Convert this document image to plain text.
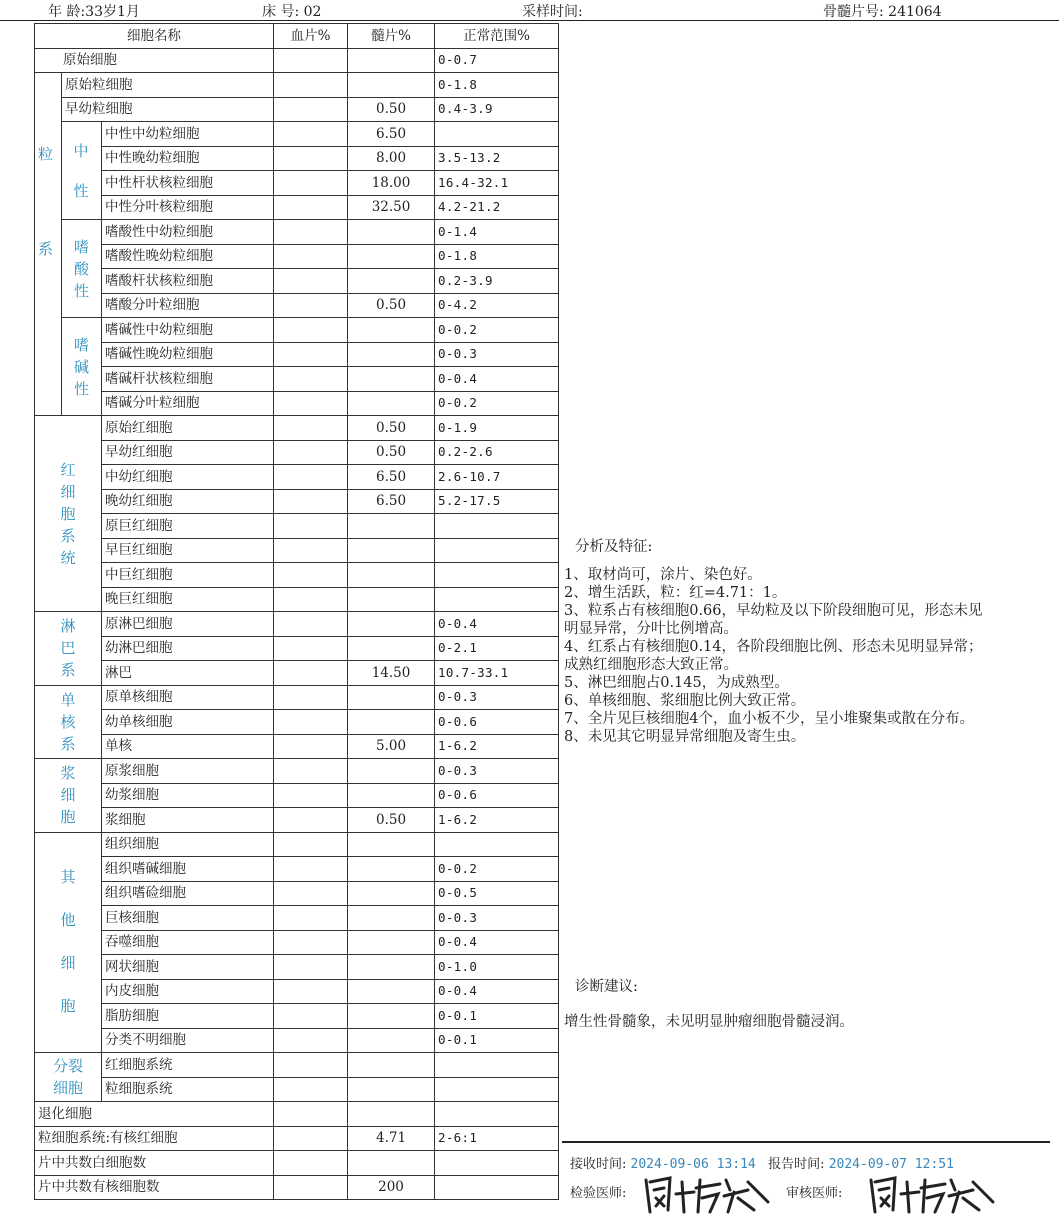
年 龄:33岁1月	床 号: 02	采样时间:	骨髓片号: 241064
细胞名称			血片%	髓片%	正常范围%
原始细胞					0-0.7
粒系	原始粒细胞				0-1.8
	早幼粒细胞			0.50	0.4-3.9
	中性	中性中幼粒细胞		6.50	
		中性晚幼粒细胞		8.00	3.5-13.2
		中性杆状核粒细胞		18.00	16.4-32.1
		中性分叶核粒细胞		32.50	4.2-21.2
	嗜酸性	嗜酸性中幼粒细胞			0-1.4
		嗜酸性晚幼粒细胞			0-1.8
		嗜酸杆状核粒细胞			0.2-3.9
		嗜酸分叶粒细胞		0.50	0-4.2
	嗜碱性	嗜碱性中幼粒细胞			0-0.2
		嗜碱性晚幼粒细胞			0-0.3
		嗜碱杆状核粒细胞			0-0.4
		嗜碱分叶粒细胞			0-0.2
红细胞系统		原始红细胞		0.50	0-1.9
		早幼红细胞		0.50	0.2-2.6
		中幼红细胞		6.50	2.6-10.7
		晚幼红细胞		6.50	5.2-17.5
		原巨红细胞			
		早巨红细胞			
		中巨红细胞			
		晚巨红细胞			
淋巴系		原淋巴细胞			0-0.4
		幼淋巴细胞			0-2.1
		淋巴		14.50	10.7-33.1
单核系		原单核细胞			0-0.3
		幼单核细胞			0-0.6
		单核		5.00	1-6.2
浆细胞		原浆细胞			0-0.3
		幼浆细胞			0-0.6
		浆细胞		0.50	1-6.2
其他细胞		组织细胞			
		组织嗜碱细胞			0-0.2
		组织嗜硷细胞			0-0.5
		巨核细胞			0-0.3
		吞噬细胞			0-0.4
		网状细胞			0-1.0
		内皮细胞			0-0.4
		脂肪细胞			0-0.1
		分类不明细胞			0-0.1
分裂细胞		红细胞系统			
		粒细胞系统			
退化细胞					
粒细胞系统:有核红细胞				4.71	2-6:1
片中共数白细胞数					
片中共数有核细胞数				200	
分析及特征:
1、取材尚可，涂片、染色好。
2、增生活跃，粒：红=4.71：1。
3、粒系占有核细胞0.66，早幼粒及以下阶段细胞可见，形态未见明显异常，分叶比例增高。
4、红系占有核细胞0.14，各阶段细胞比例、形态未见明显异常；成熟红细胞形态大致正常。
5、淋巴细胞占0.145，为成熟型。
6、单核细胞、浆细胞比例大致正常。
7、全片见巨核细胞4个，血小板不少，呈小堆聚集或散在分布。
8、未见其它明显异常细胞及寄生虫。
诊断建议:
增生性骨髓象，未见明显肿瘤细胞骨髓浸润。
接收时间: 2024-09-06 13:14 报告时间: 2024-09-07 12:51
检验医师:	审核医师:
